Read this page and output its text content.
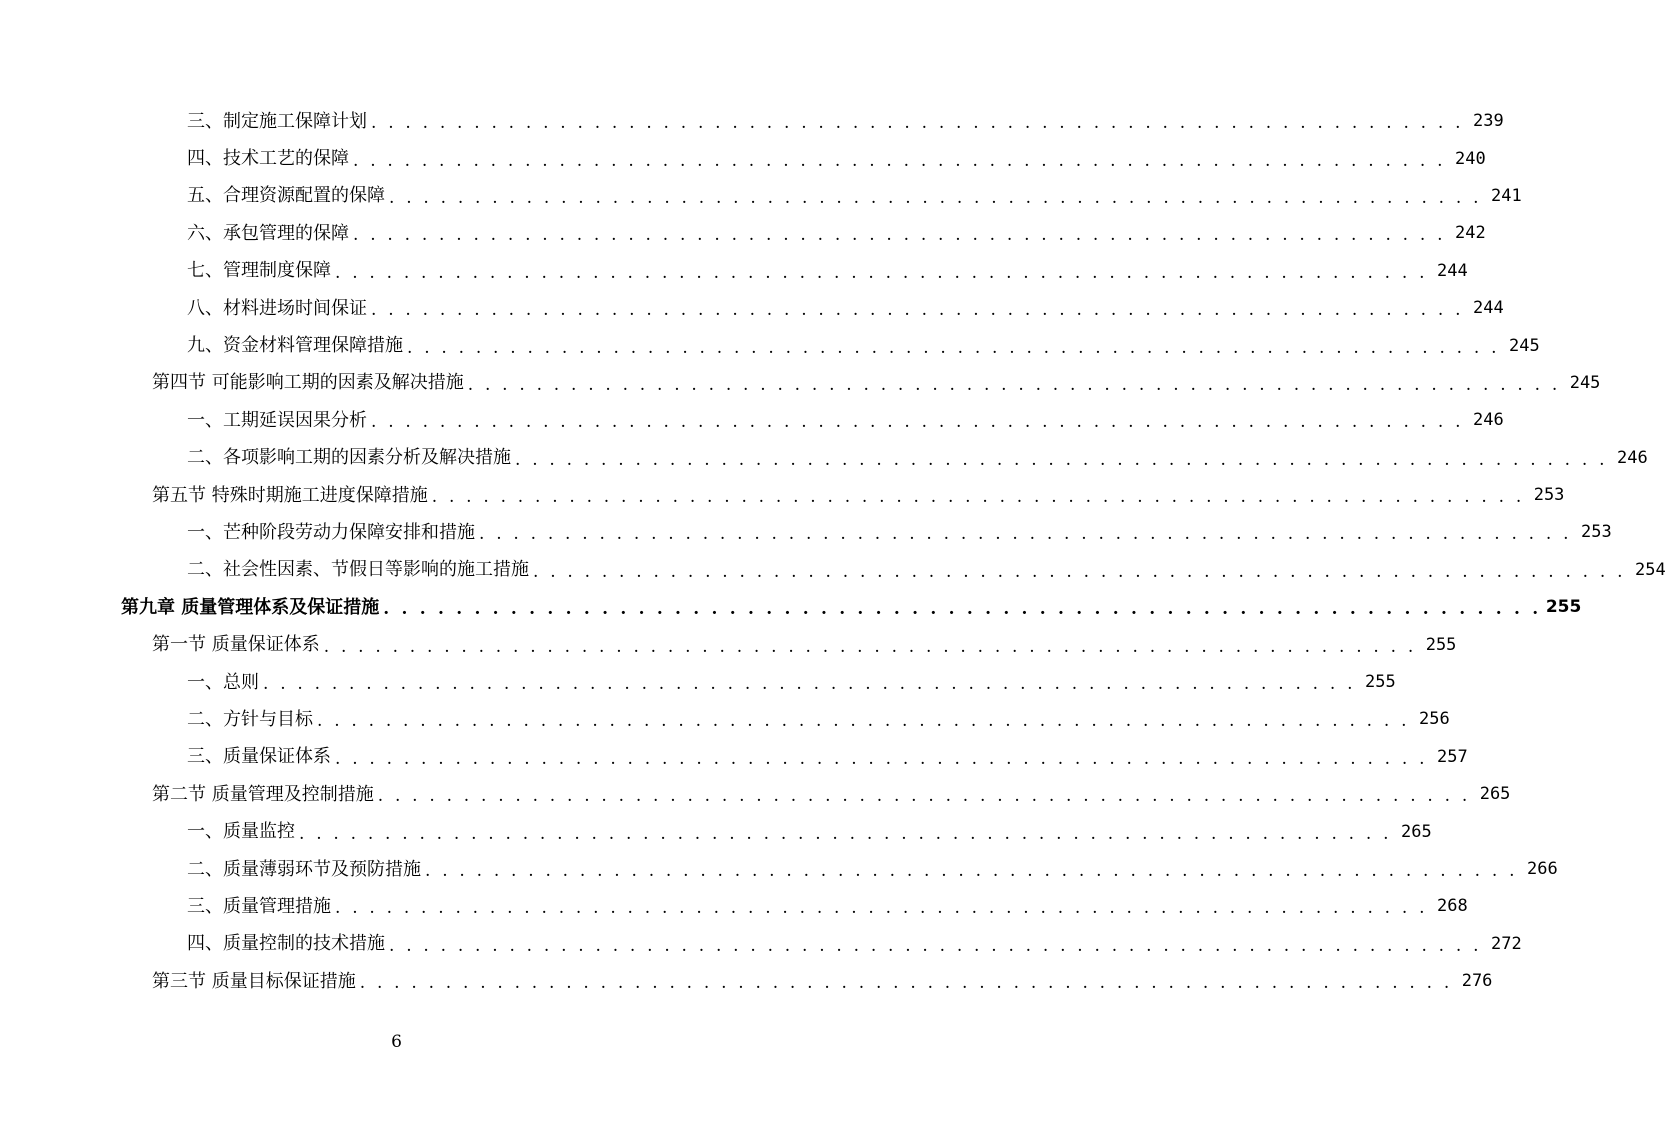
三、制定施工保障计划 . . . . . . . . . . . . . . . . . . . . . . . . . . . . . . . . . . . . . . . . . . . . . . . . . . . . . . . . . . . . . . . . 239
四、技术工艺的保障 . . . . . . . . . . . . . . . . . . . . . . . . . . . . . . . . . . . . . . . . . . . . . . . . . . . . . . . . . . . . . . . . 240
五、合理资源配置的保障 . . . . . . . . . . . . . . . . . . . . . . . . . . . . . . . . . . . . . . . . . . . . . . . . . . . . . . . . . . . . . . . . 241
六、承包管理的保障 . . . . . . . . . . . . . . . . . . . . . . . . . . . . . . . . . . . . . . . . . . . . . . . . . . . . . . . . . . . . . . . . 242
七、管理制度保障 . . . . . . . . . . . . . . . . . . . . . . . . . . . . . . . . . . . . . . . . . . . . . . . . . . . . . . . . . . . . . . . . 244
八、材料进场时间保证 . . . . . . . . . . . . . . . . . . . . . . . . . . . . . . . . . . . . . . . . . . . . . . . . . . . . . . . . . . . . . . . . 244
九、资金材料管理保障措施 . . . . . . . . . . . . . . . . . . . . . . . . . . . . . . . . . . . . . . . . . . . . . . . . . . . . . . . . . . . . . . . . 245
第四节 可能影响工期的因素及解决措施 . . . . . . . . . . . . . . . . . . . . . . . . . . . . . . . . . . . . . . . . . . . . . . . . . . . . . . . . . . . . . . . . 245
一、工期延误因果分析 . . . . . . . . . . . . . . . . . . . . . . . . . . . . . . . . . . . . . . . . . . . . . . . . . . . . . . . . . . . . . . . . 246
二、各项影响工期的因素分析及解决措施 . . . . . . . . . . . . . . . . . . . . . . . . . . . . . . . . . . . . . . . . . . . . . . . . . . . . . . . . . . . . . . . . 246
第五节 特殊时期施工进度保障措施 . . . . . . . . . . . . . . . . . . . . . . . . . . . . . . . . . . . . . . . . . . . . . . . . . . . . . . . . . . . . . . . . 253
一、芒种阶段劳动力保障安排和措施 . . . . . . . . . . . . . . . . . . . . . . . . . . . . . . . . . . . . . . . . . . . . . . . . . . . . . . . . . . . . . . . . 253
二、社会性因素、节假日等影响的施工措施 . . . . . . . . . . . . . . . . . . . . . . . . . . . . . . . . . . . . . . . . . . . . . . . . . . . . . . . . . . . . . . . . 254
第九章 质量管理体系及保证措施 . . . . . . . . . . . . . . . . . . . . . . . . . . . . . . . . . . . . . . . . . . . . . . . . . . . . . . . . . . . . . . . . 255
第一节 质量保证体系 . . . . . . . . . . . . . . . . . . . . . . . . . . . . . . . . . . . . . . . . . . . . . . . . . . . . . . . . . . . . . . . . 255
一、总则 . . . . . . . . . . . . . . . . . . . . . . . . . . . . . . . . . . . . . . . . . . . . . . . . . . . . . . . . . . . . . . . . 255
二、方针与目标 . . . . . . . . . . . . . . . . . . . . . . . . . . . . . . . . . . . . . . . . . . . . . . . . . . . . . . . . . . . . . . . . 256
三、质量保证体系 . . . . . . . . . . . . . . . . . . . . . . . . . . . . . . . . . . . . . . . . . . . . . . . . . . . . . . . . . . . . . . . . 257
第二节 质量管理及控制措施 . . . . . . . . . . . . . . . . . . . . . . . . . . . . . . . . . . . . . . . . . . . . . . . . . . . . . . . . . . . . . . . . 265
一、质量监控 . . . . . . . . . . . . . . . . . . . . . . . . . . . . . . . . . . . . . . . . . . . . . . . . . . . . . . . . . . . . . . . . 265
二、质量薄弱环节及预防措施 . . . . . . . . . . . . . . . . . . . . . . . . . . . . . . . . . . . . . . . . . . . . . . . . . . . . . . . . . . . . . . . . 266
三、质量管理措施 . . . . . . . . . . . . . . . . . . . . . . . . . . . . . . . . . . . . . . . . . . . . . . . . . . . . . . . . . . . . . . . . 268
四、质量控制的技术措施 . . . . . . . . . . . . . . . . . . . . . . . . . . . . . . . . . . . . . . . . . . . . . . . . . . . . . . . . . . . . . . . . 272
第三节 质量目标保证措施 . . . . . . . . . . . . . . . . . . . . . . . . . . . . . . . . . . . . . . . . . . . . . . . . . . . . . . . . . . . . . . . . 276
6
